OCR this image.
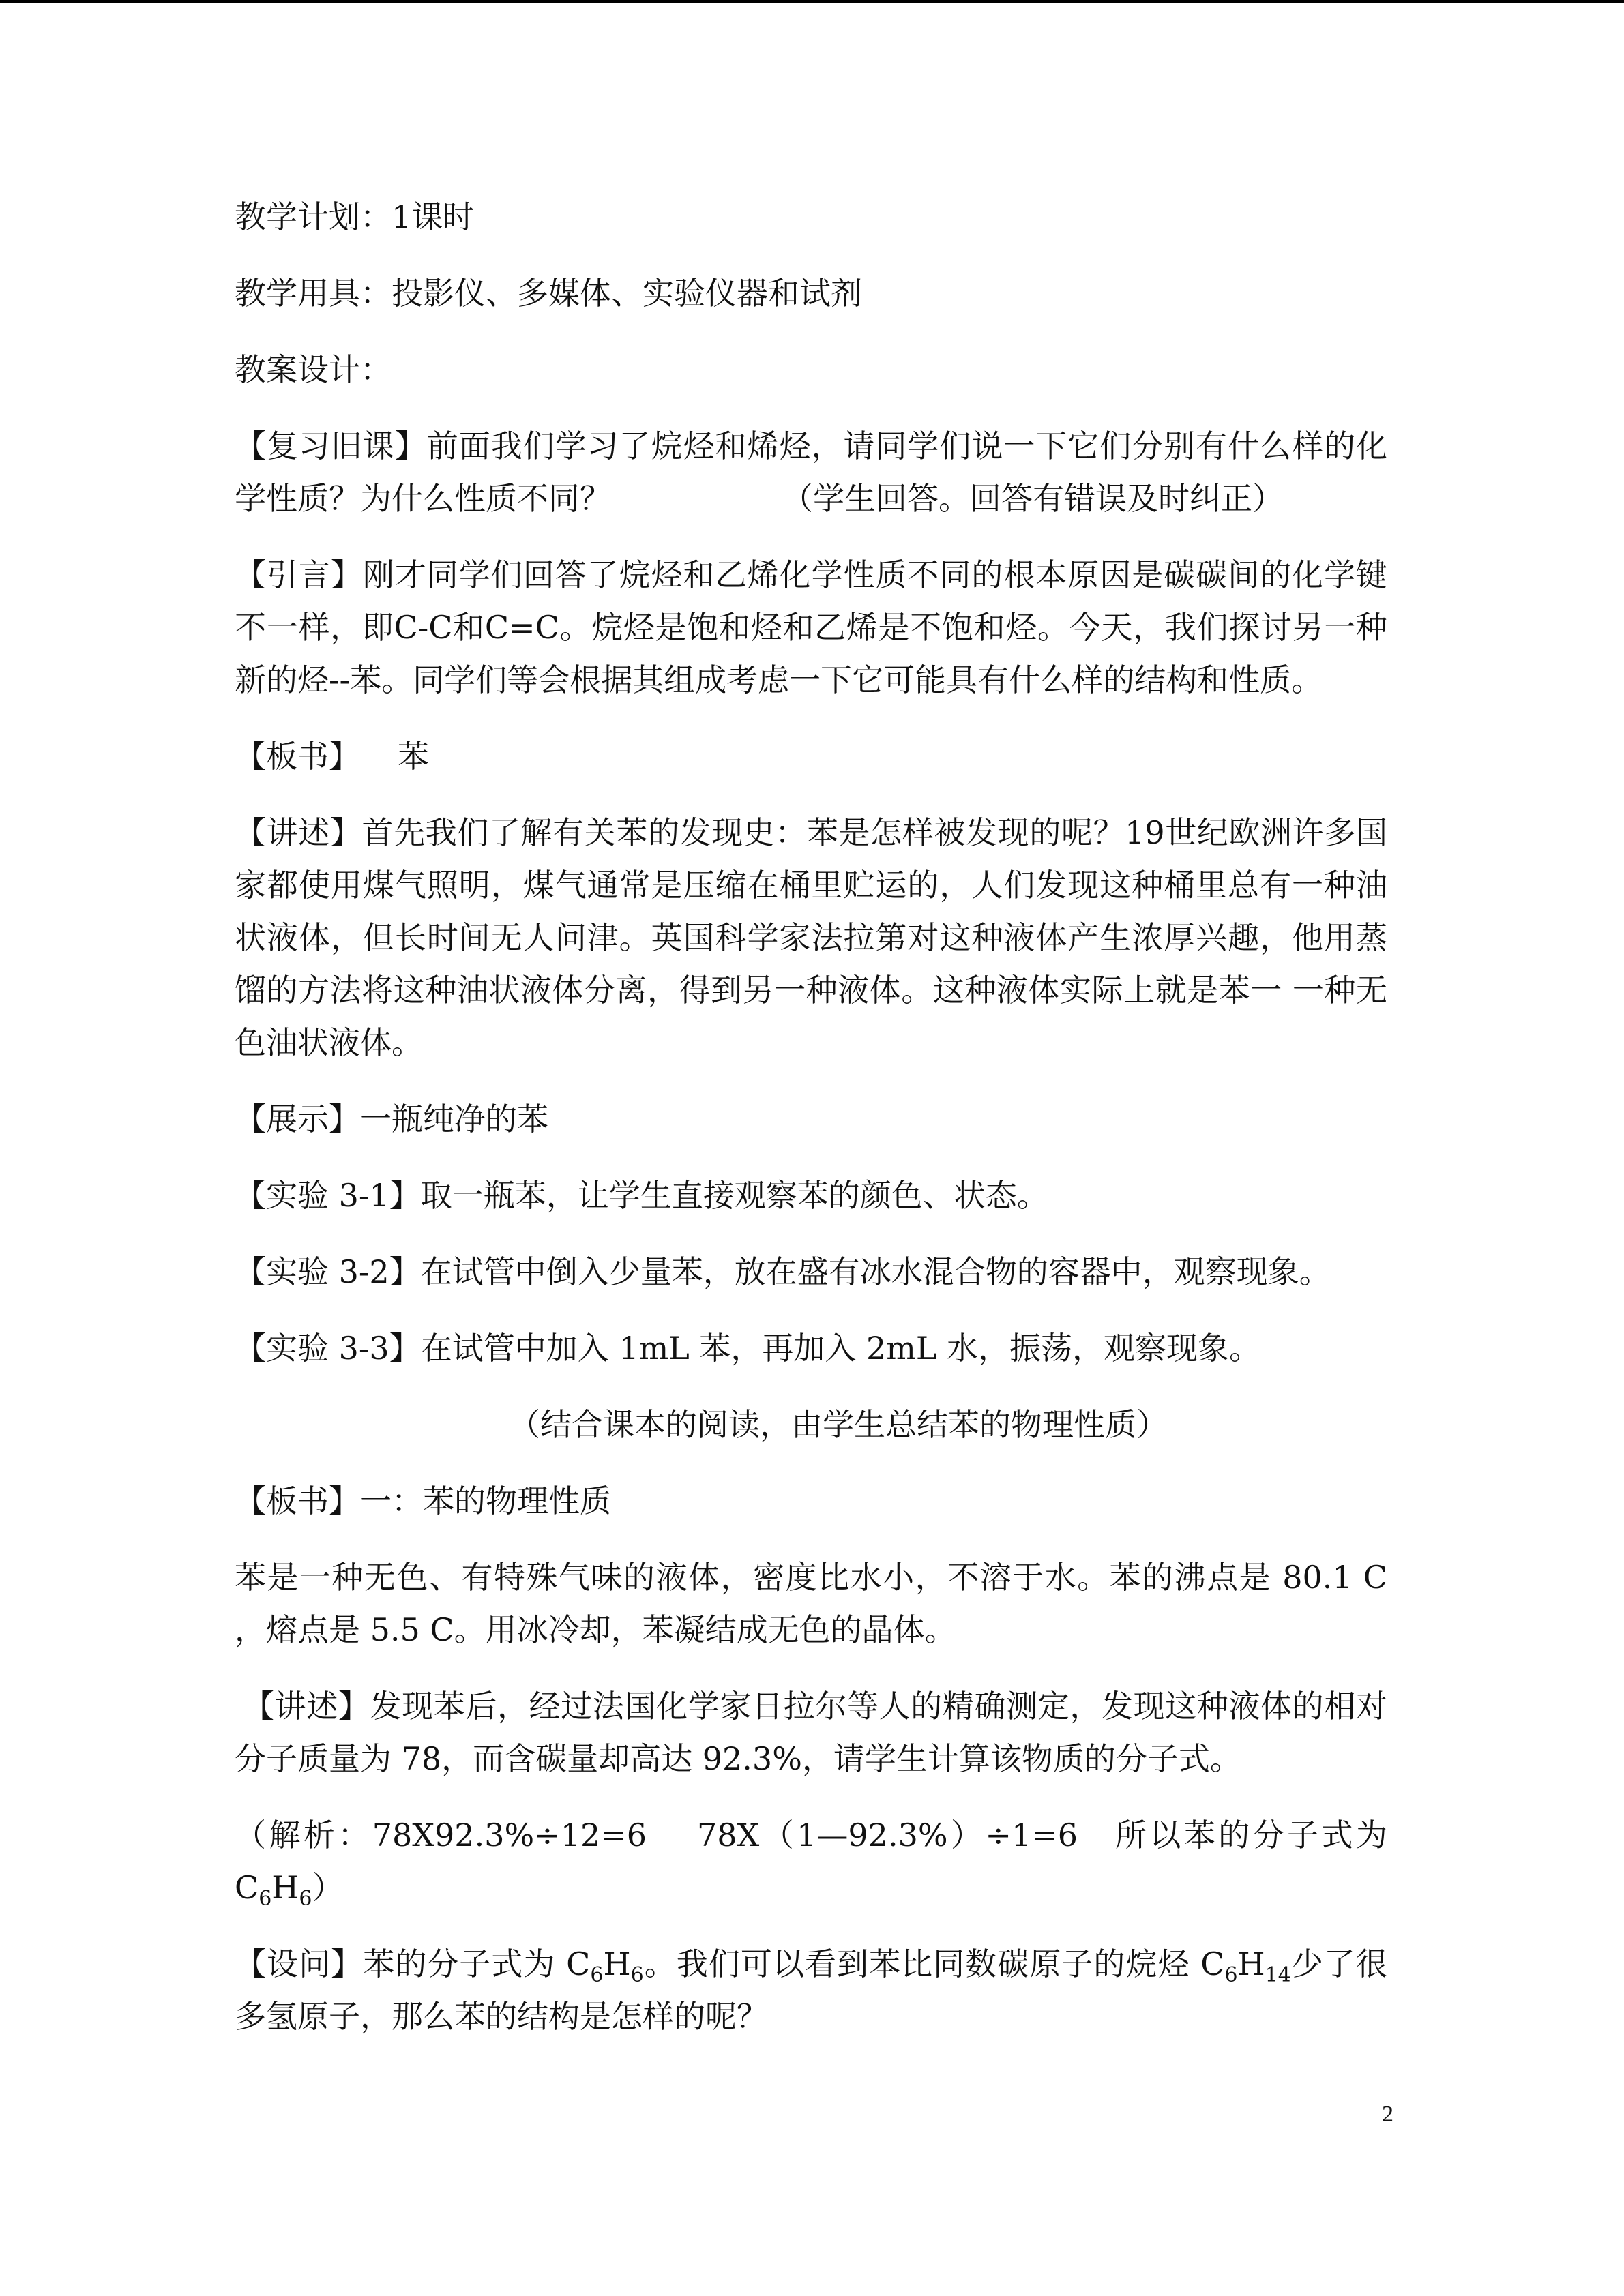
教学计划：1课时

教学用具：投影仪、多媒体、实验仪器和试剂

教案设计：

【复习旧课】前面我们学习了烷烃和烯烃，请同学们说一下它们分别有什么样的化学性质？为什么性质不同？	（学生回答。回答有错误及时纠正）

【引言】刚才同学们回答了烷烃和乙烯化学性质不同的根本原因是碳碳间的化学键不一样，即C-C和C=C。烷烃是饱和烃和乙烯是不饱和烃。今天，我们探讨另一种新的烃--苯。同学们等会根据其组成考虑一下它可能具有什么样的结构和性质。

【板书】 苯

【讲述】首先我们了解有关苯的发现史：苯是怎样被发现的呢？19世纪欧洲许多国家都使用煤气照明，煤气通常是压缩在桶里贮运的，人们发现这种桶里总有一种油状液体，但长时间无人问津。英国科学家法拉第对这种液体产生浓厚兴趣，他用蒸馏的方法将这种油状液体分离，得到另一种液体。这种液体实际上就是苯一 一种无色油状液体。

【展示】一瓶纯净的苯

【实验 3-1】取一瓶苯，让学生直接观察苯的颜色、状态。

【实验 3-2】在试管中倒入少量苯，放在盛有冰水混合物的容器中，观察现象。

【实验 3-3】在试管中加入 1mL 苯，再加入 2mL 水，振荡，观察现象。

（结合课本的阅读，由学生总结苯的物理性质）

【板书】一：苯的物理性质

苯是一种无色、有特殊气味的液体，密度比水小，不溶于水。苯的沸点是 80.1 C ，熔点是 5.5 C。用冰冷却，苯凝结成无色的晶体。

【讲述】发现苯后，经过法国化学家日拉尔等人的精确测定，发现这种液体的相对分子质量为 78，而含碳量却高达 92.3%，请学生计算该物质的分子式。

（解析：78X92.3%÷12=6　 78X（1—92.3%）÷1=6　所以苯的分子式为 $C_6H_6$）

【设问】苯的分子式为 $C_6H_6$。我们可以看到苯比同数碳原子的烷烃 $C_6H_{14}$少了很多氢原子，那么苯的结构是怎样的呢？

2
